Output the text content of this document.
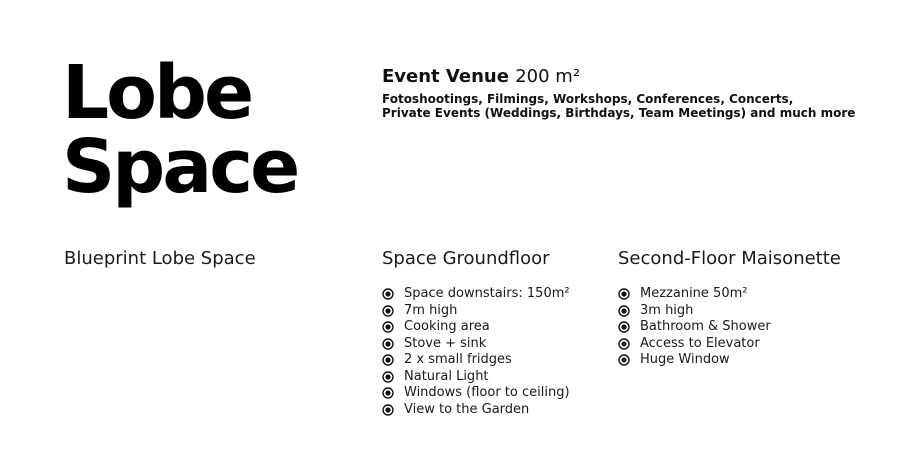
Lobe
Space
Event Venue 200 m²
Fotoshootings, Filmings, Workshops, Conferences, Concerts,
Private Events (Weddings, Birthdays, Team Meetings) and much more
Blueprint Lobe Space	Space Groundfloor	Second-Floor Maisonette
Space downstairs: 150m²
7m high
Cooking area
Stove + sink
2 x small fridges
Natural Light
Windows (floor to ceiling)
View to the Garden
Mezzanine 50m²
3m high
Bathroom & Shower
Access to Elevator
Huge Window
